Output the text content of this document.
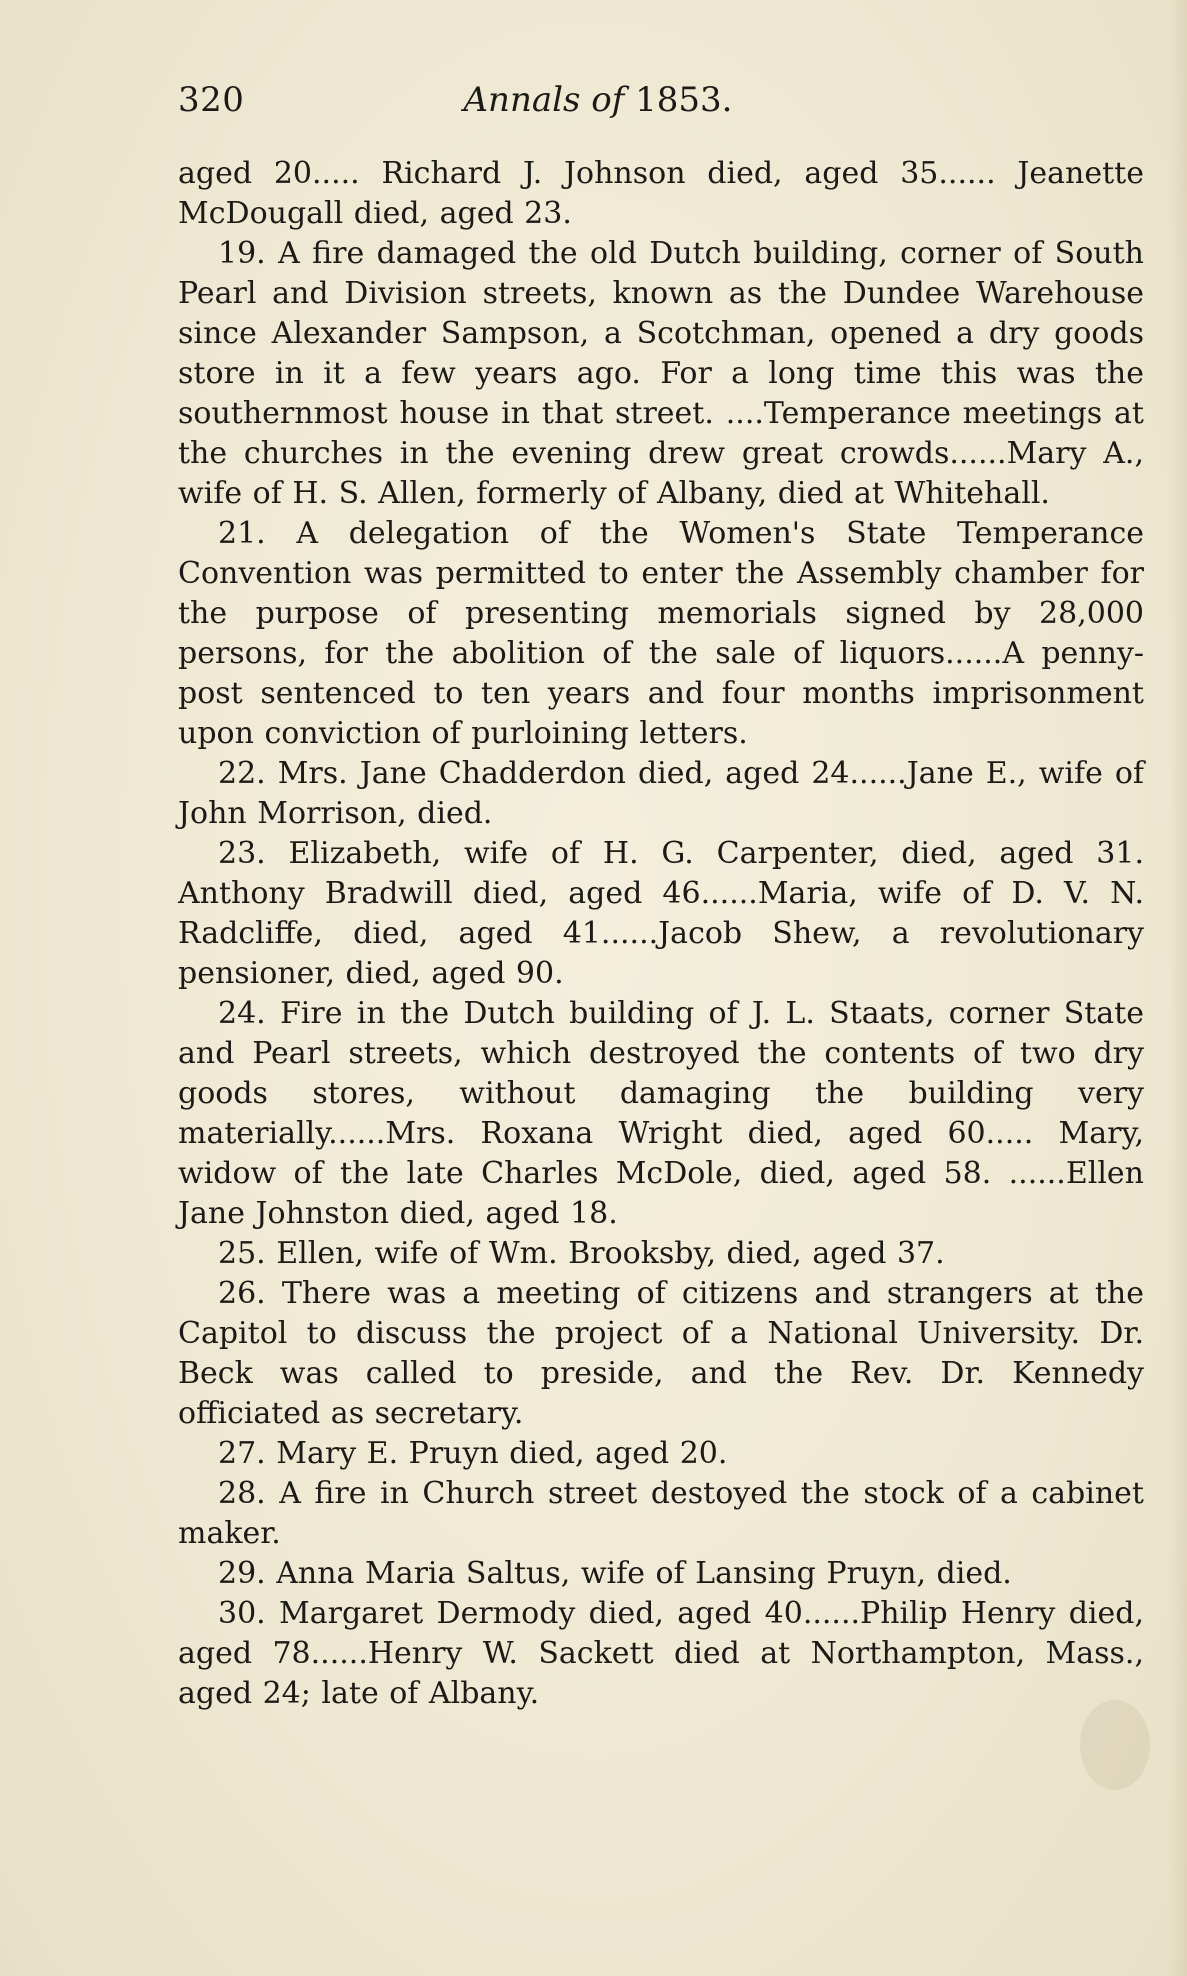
320	Annals of 1853.

aged 20..... Richard J. Johnson died, aged 35...... Jeanette McDougall died, aged 23.

19. A fire damaged the old Dutch building, corner of South Pearl and Division streets, known as the Dundee Warehouse since Alexander Sampson, a Scotchman, opened a dry goods store in it a few years ago. For a long time this was the southernmost house in that street. ....Temperance meetings at the churches in the evening drew great crowds......Mary A., wife of H. S. Allen, formerly of Albany, died at Whitehall.

21. A delegation of the Women's State Temperance Convention was permitted to enter the Assembly chamber for the purpose of presenting memorials signed by 28,000 persons, for the abolition of the sale of liquors......A penny-post sentenced to ten years and four months imprisonment upon conviction of purloining letters.

22. Mrs. Jane Chadderdon died, aged 24......Jane E., wife of John Morrison, died.

23. Elizabeth, wife of H. G. Carpenter, died, aged 31. Anthony Bradwill died, aged 46......Maria, wife of D. V. N. Radcliffe, died, aged 41......Jacob Shew, a revolutionary pensioner, died, aged 90.

24. Fire in the Dutch building of J. L. Staats, corner State and Pearl streets, which destroyed the contents of two dry goods stores, without damaging the building very materially......Mrs. Roxana Wright died, aged 60..... Mary, widow of the late Charles McDole, died, aged 58. ......Ellen Jane Johnston died, aged 18.

25. Ellen, wife of Wm. Brooksby, died, aged 37.

26. There was a meeting of citizens and strangers at the Capitol to discuss the project of a National University. Dr. Beck was called to preside, and the Rev. Dr. Kennedy officiated as secretary.

27. Mary E. Pruyn died, aged 20.

28. A fire in Church street destoyed the stock of a cabinet maker.

29. Anna Maria Saltus, wife of Lansing Pruyn, died.

30. Margaret Dermody died, aged 40......Philip Henry died, aged 78......Henry W. Sackett died at Northampton, Mass., aged 24; late of Albany.
